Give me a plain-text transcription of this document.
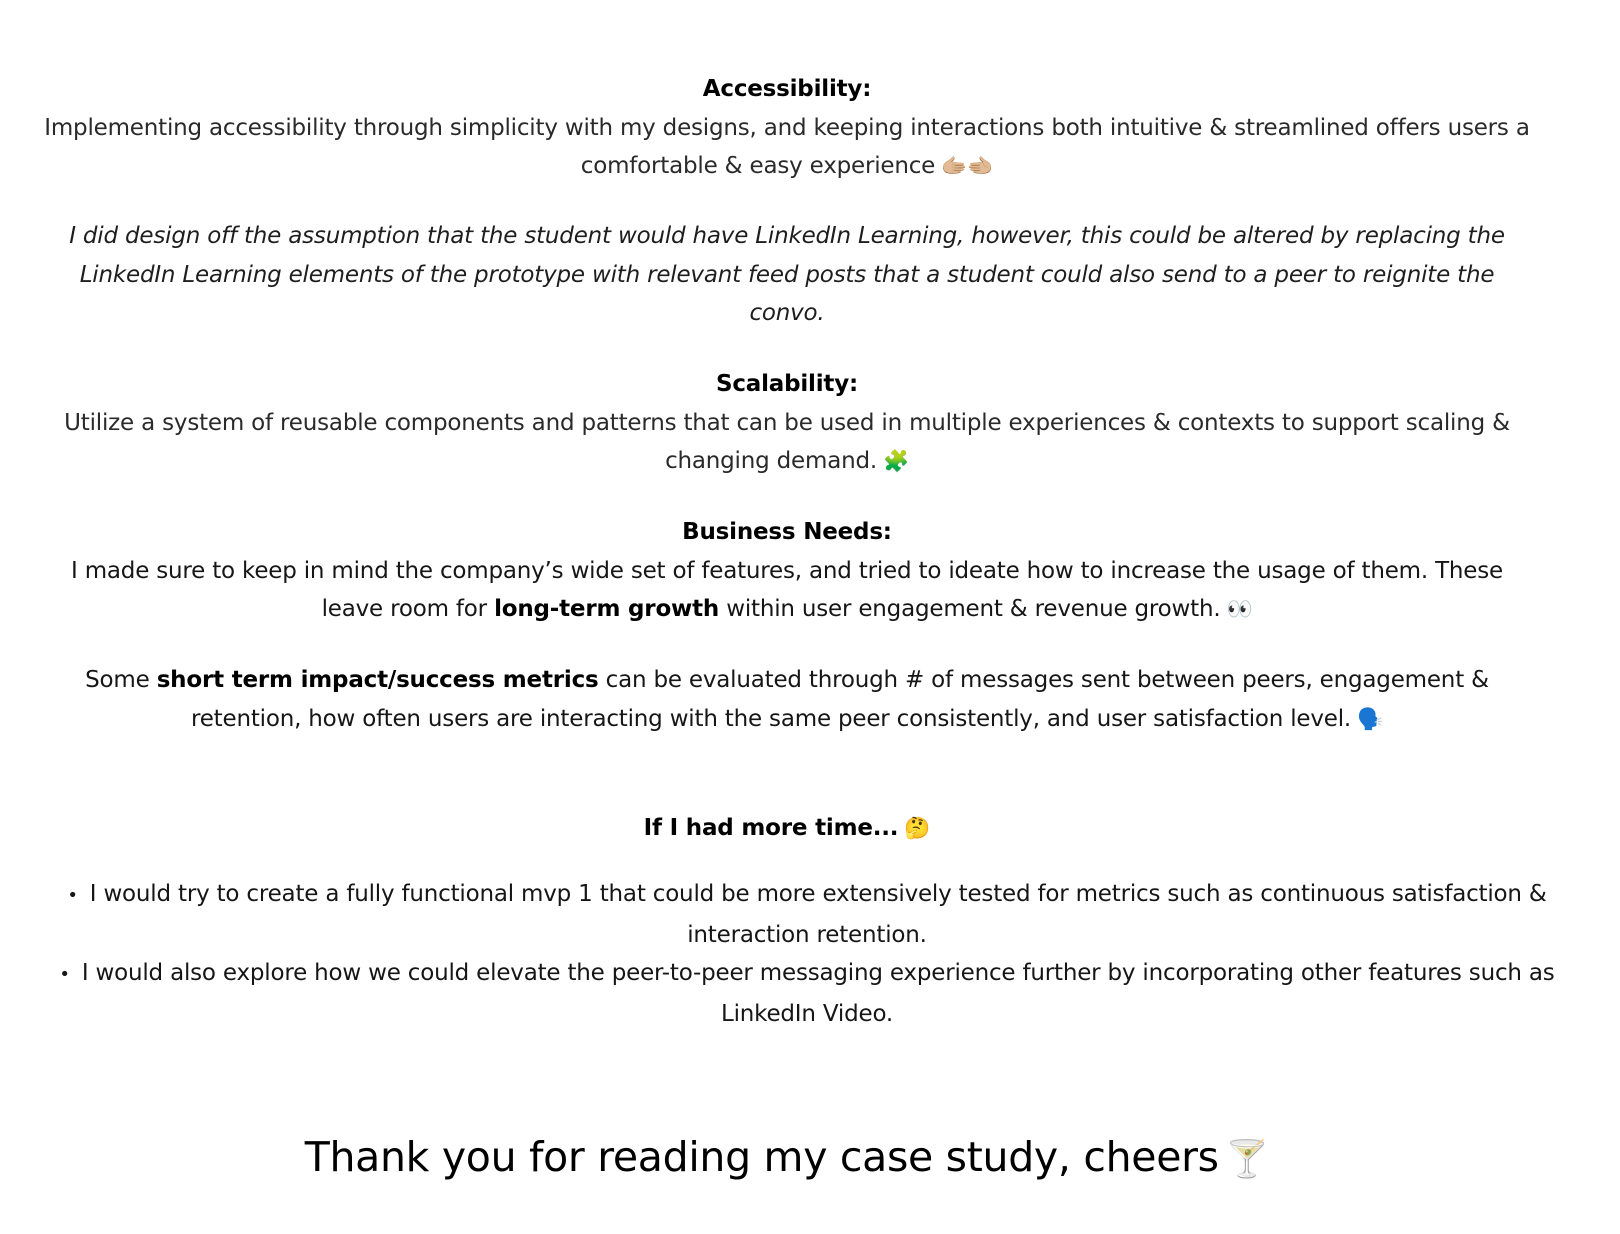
Accessibility:
Implementing accessibility through simplicity with my designs, and keeping interactions both intuitive & streamlined offers users a comfortable & easy experience 🫱🏼‍🫲🏼
I did design off the assumption that the student would have LinkedIn Learning, however, this could be altered by replacing the LinkedIn Learning elements of the prototype with relevant feed posts that a student could also send to a peer to reignite the convo.
Scalability:
Utilize a system of reusable components and patterns that can be used in multiple experiences & contexts to support scaling & changing demand. 🧩
Business Needs:
I made sure to keep in mind the company’s wide set of features, and tried to ideate how to increase the usage of them. These leave room for long-term growth within user engagement & revenue growth. 👀
Some short term impact/success metrics can be evaluated through # of messages sent between peers, engagement & retention, how often users are interacting with the same peer consistently, and user satisfaction level. 🗣️
If I had more time... 🤔
• I would try to create a fully functional mvp 1 that could be more extensively tested for metrics such as continuous satisfaction & interaction retention.
• I would also explore how we could elevate the peer-to-peer messaging experience further by incorporating other features such as LinkedIn Video.
Thank you for reading my case study, cheers 🍸
